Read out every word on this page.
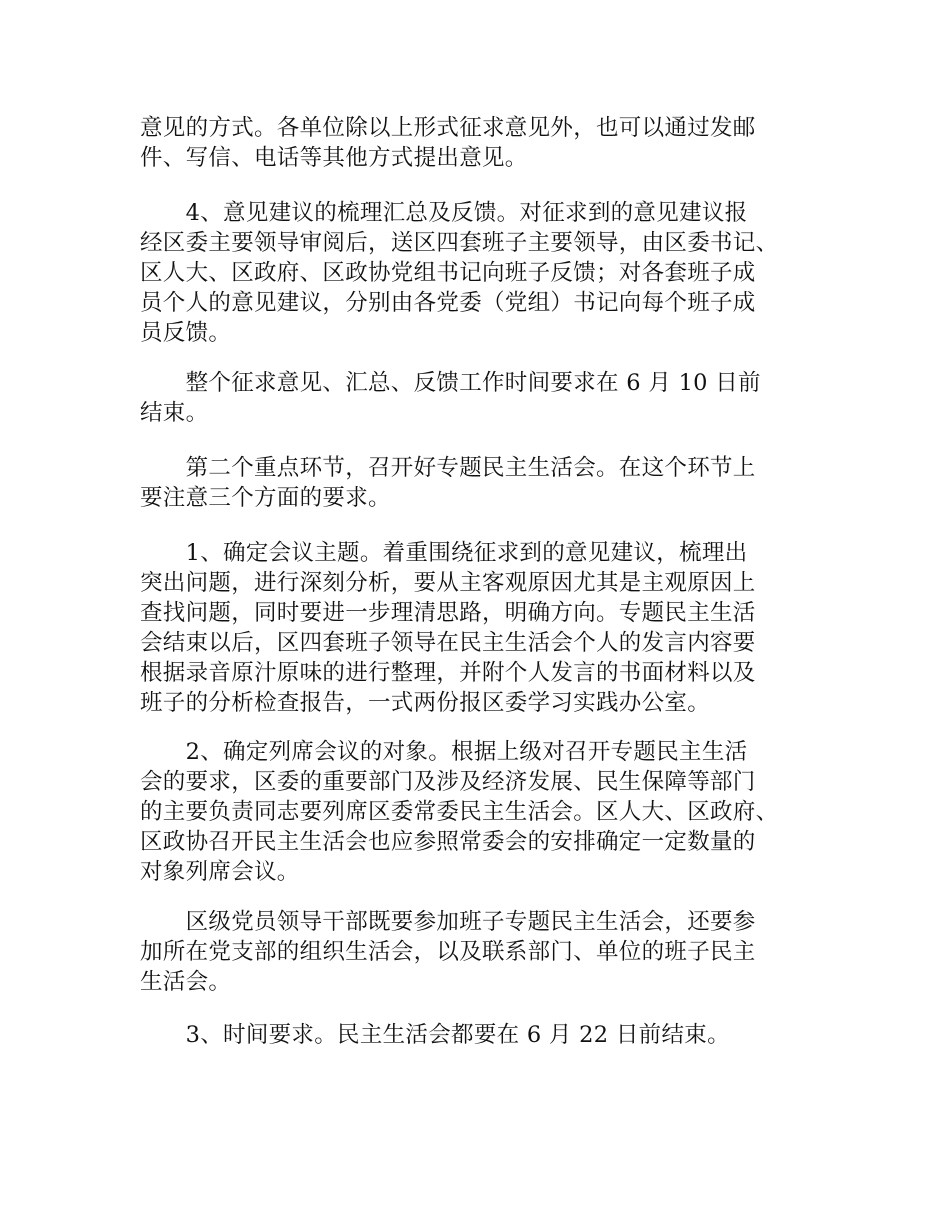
意见的方式。各单位除以上形式征求意见外，也可以通过发邮
件、写信、电话等其他方式提出意见。

　　4、意见建议的梳理汇总及反馈。对征求到的意见建议报
经区委主要领导审阅后，送区四套班子主要领导，由区委书记、
区人大、区政府、区政协党组书记向班子反馈；对各套班子成
员个人的意见建议，分别由各党委（党组）书记向每个班子成
员反馈。

　　整个征求意见、汇总、反馈工作时间要求在 6 月 10 日前
结束。

　　第二个重点环节，召开好专题民主生活会。在这个环节上
要注意三个方面的要求。

　　1、确定会议主题。着重围绕征求到的意见建议，梳理出
突出问题，进行深刻分析，要从主客观原因尤其是主观原因上
查找问题，同时要进一步理清思路，明确方向。专题民主生活
会结束以后，区四套班子领导在民主生活会个人的发言内容要
根据录音原汁原味的进行整理，并附个人发言的书面材料以及
班子的分析检查报告，一式两份报区委学习实践办公室。

　　2、确定列席会议的对象。根据上级对召开专题民主生活
会的要求，区委的重要部门及涉及经济发展、民生保障等部门
的主要负责同志要列席区委常委民主生活会。区人大、区政府、
区政协召开民主生活会也应参照常委会的安排确定一定数量的
对象列席会议。

　　区级党员领导干部既要参加班子专题民主生活会，还要参
加所在党支部的组织生活会，以及联系部门、单位的班子民主
生活会。

　　3、时间要求。民主生活会都要在 6 月 22 日前结束。
